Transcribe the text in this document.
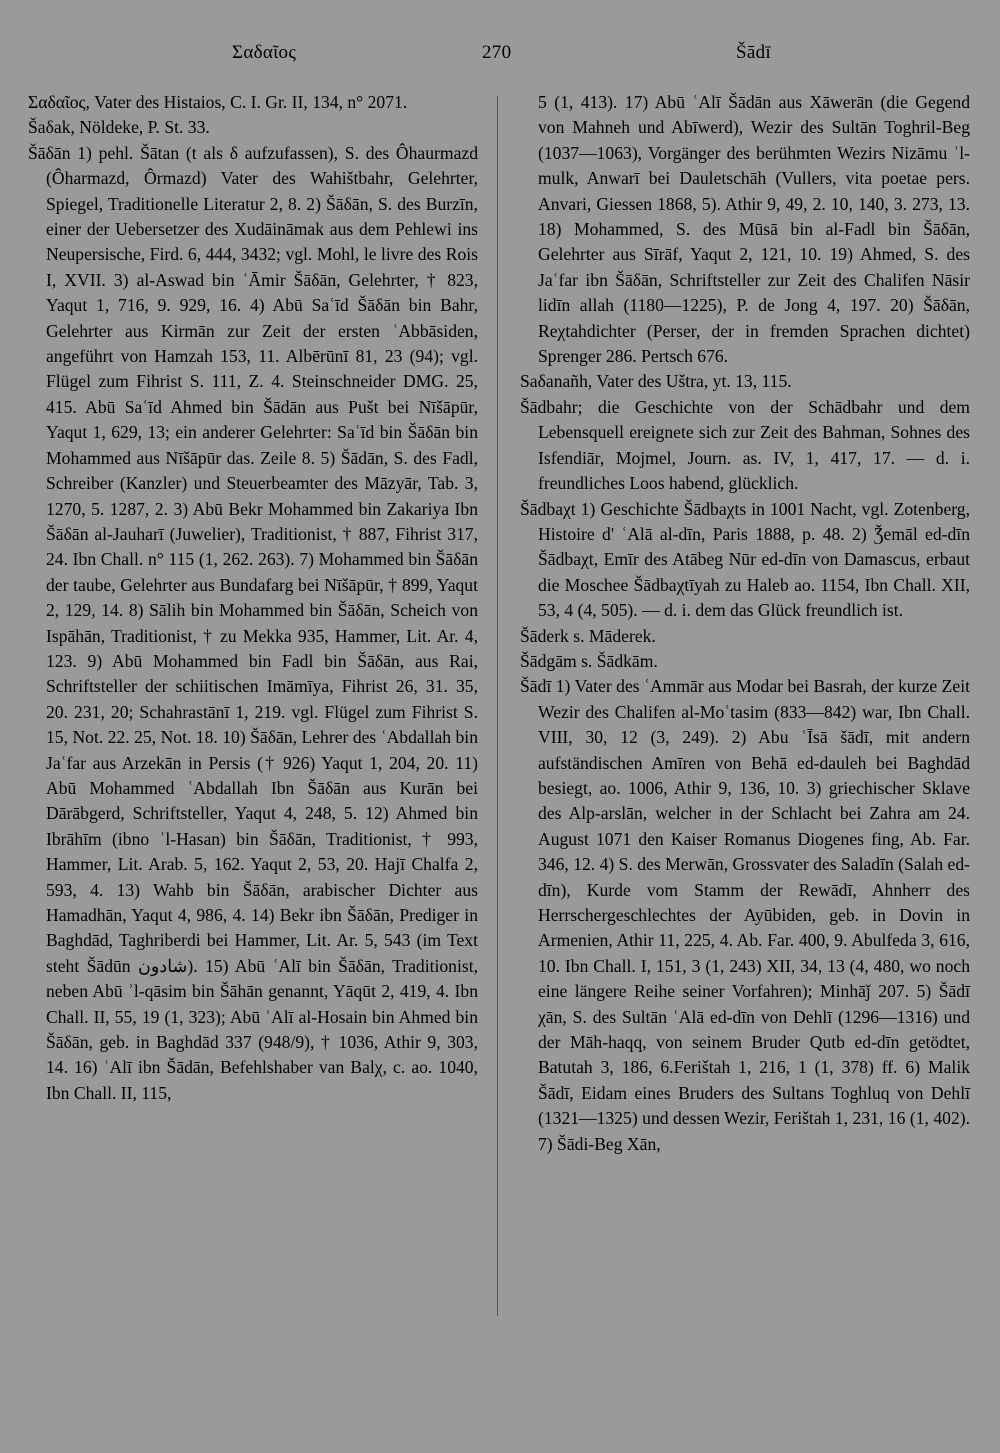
Σαδαῖος	270	Šādī

Σαδαῖος, Vater des Histaios, C. I. Gr. II, 134, n° 2071.

Šaδak, Nöldeke, P. St. 33.

Šāδān 1) pehl. Šātan (t als δ aufzufassen), S. des Ôhaurmazd (Ôharmazd, Ôrmazd) Vater des Wahištbahr, Gelehrter, Spiegel, Traditionelle Literatur 2, 8. 2) Šāδān, S. des Burzīn, einer der Uebersetzer des Xudāināmak aus dem Pehlewi ins Neupersische, Fird. 6, 444, 3432; vgl. Mohl, le livre des Rois I, XVII. 3) al-Aswad bin ʿĀmir Šāδān, Gelehrter, † 823, Yaqut 1, 716, 9. 929, 16. 4) Abū Saʿīd Šāδān bin Bahr, Gelehrter aus Kirmān zur Zeit der ersten ʿAbbāsiden, angeführt von Hamzah 153, 11. Albērūnī 81, 23 (94); vgl. Flügel zum Fihrist S. 111, Z. 4. Steinschneider DMG. 25, 415. Abū Saʿīd Ahmed bin Šādān aus Pušt bei Nīšāpūr, Yaqut 1, 629, 13; ein anderer Gelehrter: Saʿīd bin Šāδān bin Mohammed aus Nīšāpūr das. Zeile 8. 5) Šādān, S. des Fadl, Schreiber (Kanzler) und Steuerbeamter des Māzyār, Tab. 3, 1270, 5. 1287, 2. 3) Abū Bekr Mohammed bin Zakariya Ibn Šāδān al-Jauharī (Juwelier), Traditionist, † 887, Fihrist 317, 24. Ibn Chall. n° 115 (1, 262. 263). 7) Mohammed bin Šāδān der taube, Gelehrter aus Bundafarg bei Nīšāpūr, † 899, Yaqut 2, 129, 14. 8) Sālih bin Mohammed bin Šāδān, Scheich von Ispāhān, Traditionist, † zu Mekka 935, Hammer, Lit. Ar. 4, 123. 9) Abū Mohammed bin Fadl bin Šāδān, aus Rai, Schriftsteller der schiitischen Imāmīya, Fihrist 26, 31. 35, 20. 231, 20; Schahrastānī 1, 219. vgl. Flügel zum Fihrist S. 15, Not. 22. 25, Not. 18. 10) Šāδān, Lehrer des ʿAbdallah bin Jaʿfar aus Arzekān in Persis († 926) Yaqut 1, 204, 20. 11) Abū Mohammed ʿAbdallah Ibn Šāδān aus Kurān bei Dārābgerd, Schriftsteller, Yaqut 4, 248, 5. 12) Ahmed bin Ibrāhīm (ibno ʾl-Hasan) bin Šāδān, Traditionist, † 993, Hammer, Lit. Arab. 5, 162. Yaqut 2, 53, 20. Hajī Chalfa 2, 593, 4. 13) Wahb bin Šāδān, arabischer Dichter aus Hamadhān, Yaqut 4, 986, 4. 14) Bekr ibn Šāδān, Prediger in Baghdād, Taghriberdi bei Hammer, Lit. Ar. 5, 543 (im Text steht Šādūn شادون). 15) Abū ʿAlī bin Šāδān, Traditionist, neben Abū ʾl-qāsim bin Šāhān genannt, Yāqūt 2, 419, 4. Ibn Chall. II, 55, 19 (1, 323); Abū ʿAlī al-Hosain bin Ahmed bin Šāδān, geb. in Baghdād 337 (948/9), † 1036, Athir 9, 303, 14. 16) ʿAlī ibn Šādān, Befehlshaber van Balχ, c. ao. 1040, Ibn Chall. II, 115,

5 (1, 413). 17) Abū ʿAlī Šādān aus Xāwerān (die Gegend von Mahneh und Abīwerd), Wezir des Sultān Toghril-Beg (1037—1063), Vorgänger des berühmten Wezirs Nizāmu ʾl-mulk, Anwarī bei Dauletschāh (Vullers, vita poetae pers. Anvari, Giessen 1868, 5). Athir 9, 49, 2. 10, 140, 3. 273, 13. 18) Mohammed, S. des Mūsā bin al-Fadl bin Šāδān, Gelehrter aus Sīrāf, Yaqut 2, 121, 10. 19) Ahmed, S. des Jaʿfar ibn Šāδān, Schriftsteller zur Zeit des Chalifen Nāsir lidīn allah (1180—1225), P. de Jong 4, 197. 20) Šāδān, Reχtahdichter (Perser, der in fremden Sprachen dichtet) Sprenger 286. Pertsch 676.

Saδanañh, Vater des Uštra, yt. 13, 115.

Šādbahr; die Geschichte von der Schādbahr und dem Lebensquell ereignete sich zur Zeit des Bahman, Sohnes des Isfendiār, Mojmel, Journ. as. IV, 1, 417, 17. — d. i. freundliches Loos habend, glücklich.

Šādbaχt 1) Geschichte Šādbaχts in 1001 Nacht, vgl. Zotenberg, Histoire d' ʿAlā al-dīn, Paris 1888, p. 48. 2) Ǯemāl ed-dīn Šādbaχt, Emīr des Atābeg Nūr ed-dīn von Damascus, erbaut die Moschee Šādbaχtīyah zu Haleb ao. 1154, Ibn Chall. XII, 53, 4 (4, 505). — d. i. dem das Glück freundlich ist.

Šāderk s. Māderek.

Šādgām s. Šādkām.

Šādī 1) Vater des ʿAmmār aus Modar bei Basrah, der kurze Zeit Wezir des Chalifen al-Moʿtasim (833—842) war, Ibn Chall. VIII, 30, 12 (3, 249). 2) Abu ʿĪsā šādī, mit andern aufständischen Amīren von Behā ed-dauleh bei Baghdād besiegt, ao. 1006, Athir 9, 136, 10. 3) griechischer Sklave des Alp-arslān, welcher in der Schlacht bei Zahra am 24. August 1071 den Kaiser Romanus Diogenes fing, Ab. Far. 346, 12. 4) S. des Merwān, Grossvater des Saladīn (Salah ed-dīn), Kurde vom Stamm der Rewādī, Ahnherr des Herrschergeschlechtes der Ayūbiden, geb. in Dovin in Armenien, Athir 11, 225, 4. Ab. Far. 400, 9. Abulfeda 3, 616, 10. Ibn Chall. I, 151, 3 (1, 243) XII, 34, 13 (4, 480, wo noch eine längere Reihe seiner Vorfahren); Minhāǰ 207. 5) Šādī χān, S. des Sultān ʿAlā ed-dīn von Dehlī (1296—1316) und der Māh-haqq, von seinem Bruder Qutb ed-dīn getödtet, Batutah 3, 186, 6.Ferištah 1, 216, 1 (1, 378) ff. 6) Malik Šādī, Eidam eines Bruders des Sultans Toghluq von Dehlī (1321—1325) und dessen Wezir, Ferištah 1, 231, 16 (1, 402). 7) Šādi-Beg Xān,
